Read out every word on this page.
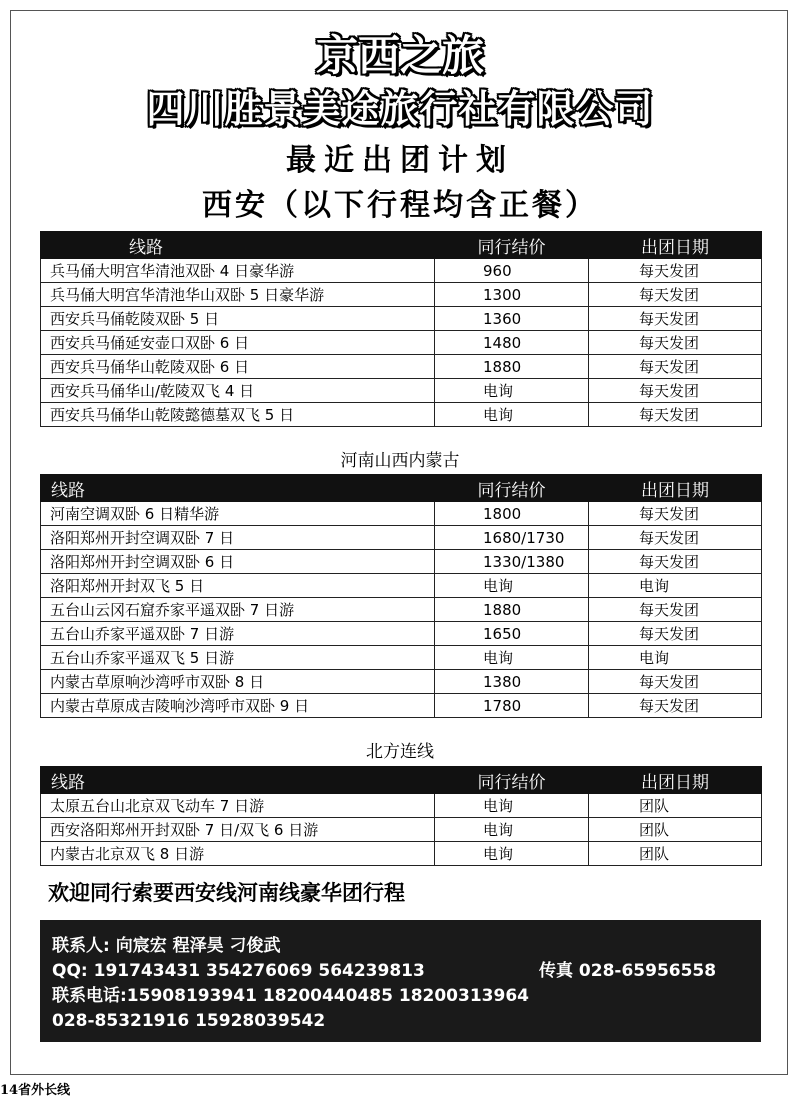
京西之旅
四川胜景美途旅行社有限公司
最近出团计划
西安（以下行程均含正餐）
线路	同行结价	出团日期
兵马俑大明宫华清池双卧 4 日豪华游	960	每天发团
兵马俑大明宫华清池华山双卧 5 日豪华游	1300	每天发团
西安兵马俑乾陵双卧 5 日	1360	每天发团
西安兵马俑延安壶口双卧 6 日	1480	每天发团
西安兵马俑华山乾陵双卧 6 日	1880	每天发团
西安兵马俑华山/乾陵双飞 4 日	电询	每天发团
西安兵马俑华山乾陵懿德墓双飞 5 日	电询	每天发团
河南山西内蒙古
线路	同行结价	出团日期
河南空调双卧 6 日精华游	1800	每天发团
洛阳郑州开封空调双卧 7 日	1680/1730	每天发团
洛阳郑州开封空调双卧 6 日	1330/1380	每天发团
洛阳郑州开封双飞 5 日	电询	电询
五台山云冈石窟乔家平遥双卧 7 日游	1880	每天发团
五台山乔家平遥双卧 7 日游	1650	每天发团
五台山乔家平遥双飞 5 日游	电询	电询
内蒙古草原响沙湾呼市双卧 8 日	1380	每天发团
内蒙古草原成吉陵响沙湾呼市双卧 9 日	1780	每天发团
北方连线
线路	同行结价	出团日期
太原五台山北京双飞动车 7 日游	电询	团队
西安洛阳郑州开封双卧 7 日/双飞 6 日游	电询	团队
内蒙古北京双飞 8 日游	电询	团队
欢迎同行索要西安线河南线豪华团行程
联系人: 向宸宏 程泽昊 刁俊武
QQ: 191743431 354276069 564239813	传真 028-65956558
联系电话:15908193941 18200440485 18200313964
028-85321916 15928039542
14省外长线
